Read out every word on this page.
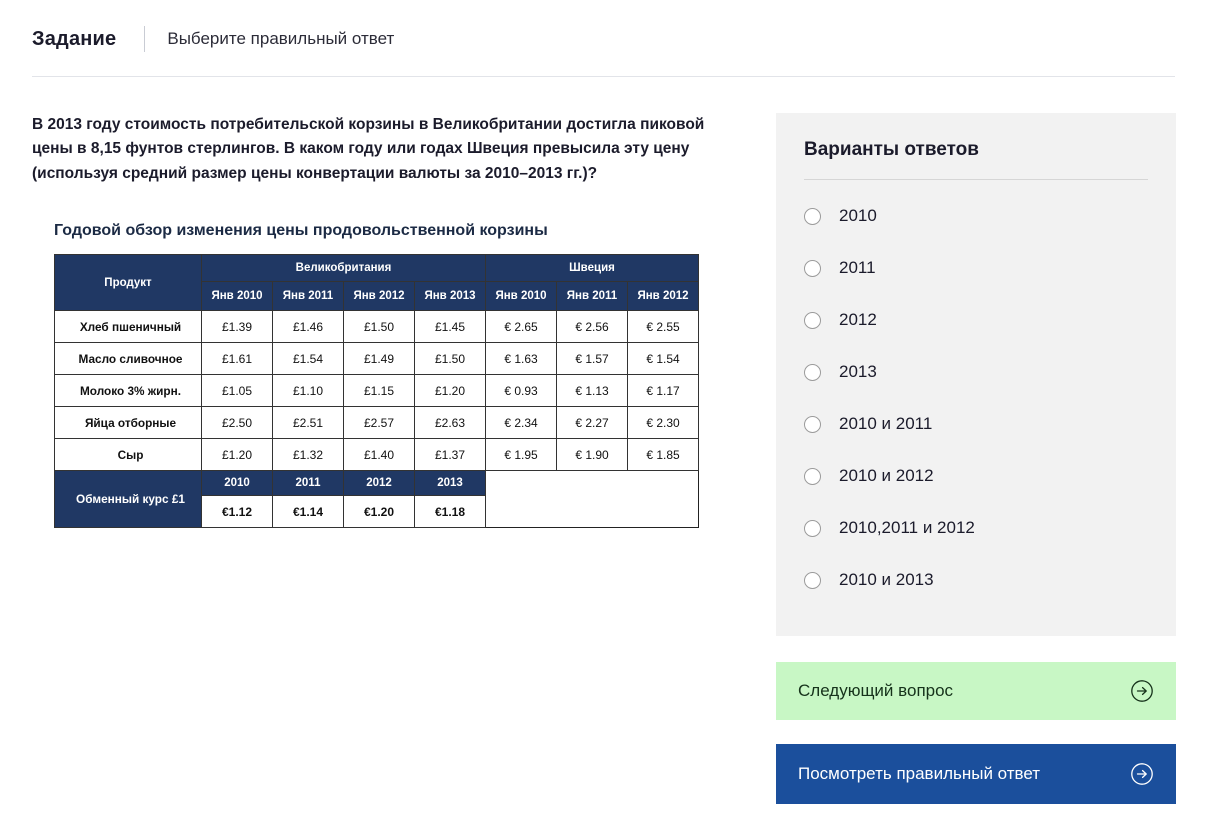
Задание	Выберите правильный ответ
В 2013 году стоимость потребительской корзины в Великобритании достигла пиковой цены в 8,15 фунтов стерлингов. В каком году или годах Швеция превысила эту цену (используя средний размер цены конвертации валюты за 2010–2013 гг.)?
Годовой обзор изменения цены продовольственной корзины
Продукт	Великобритания				Швеция		
	Янв 2010	Янв 2011	Янв 2012	Янв 2013	Янв 2010	Янв 2011	Янв 2012
Хлеб пшеничный	£1.39	£1.46	£1.50	£1.45	€ 2.65	€ 2.56	€ 2.55
Масло сливочное	£1.61	£1.54	£1.49	£1.50	€ 1.63	€ 1.57	€ 1.54
Молоко 3% жирн.	£1.05	£1.10	£1.15	£1.20	€ 0.93	€ 1.13	€ 1.17
Яйца отборные	£2.50	£2.51	£2.57	£2.63	€ 2.34	€ 2.27	€ 2.30
Сыр	£1.20	£1.32	£1.40	£1.37	€ 1.95	€ 1.90	€ 1.85
Обменный курс £1	2010	2011	2012	2013			
	€1.12	€1.14	€1.20	€1.18			
Варианты ответов
2010
2011
2012
2013
2010 и 2011
2010 и 2012
2010,2011 и 2012
2010 и 2013
Следующий вопрос
Посмотреть правильный ответ
